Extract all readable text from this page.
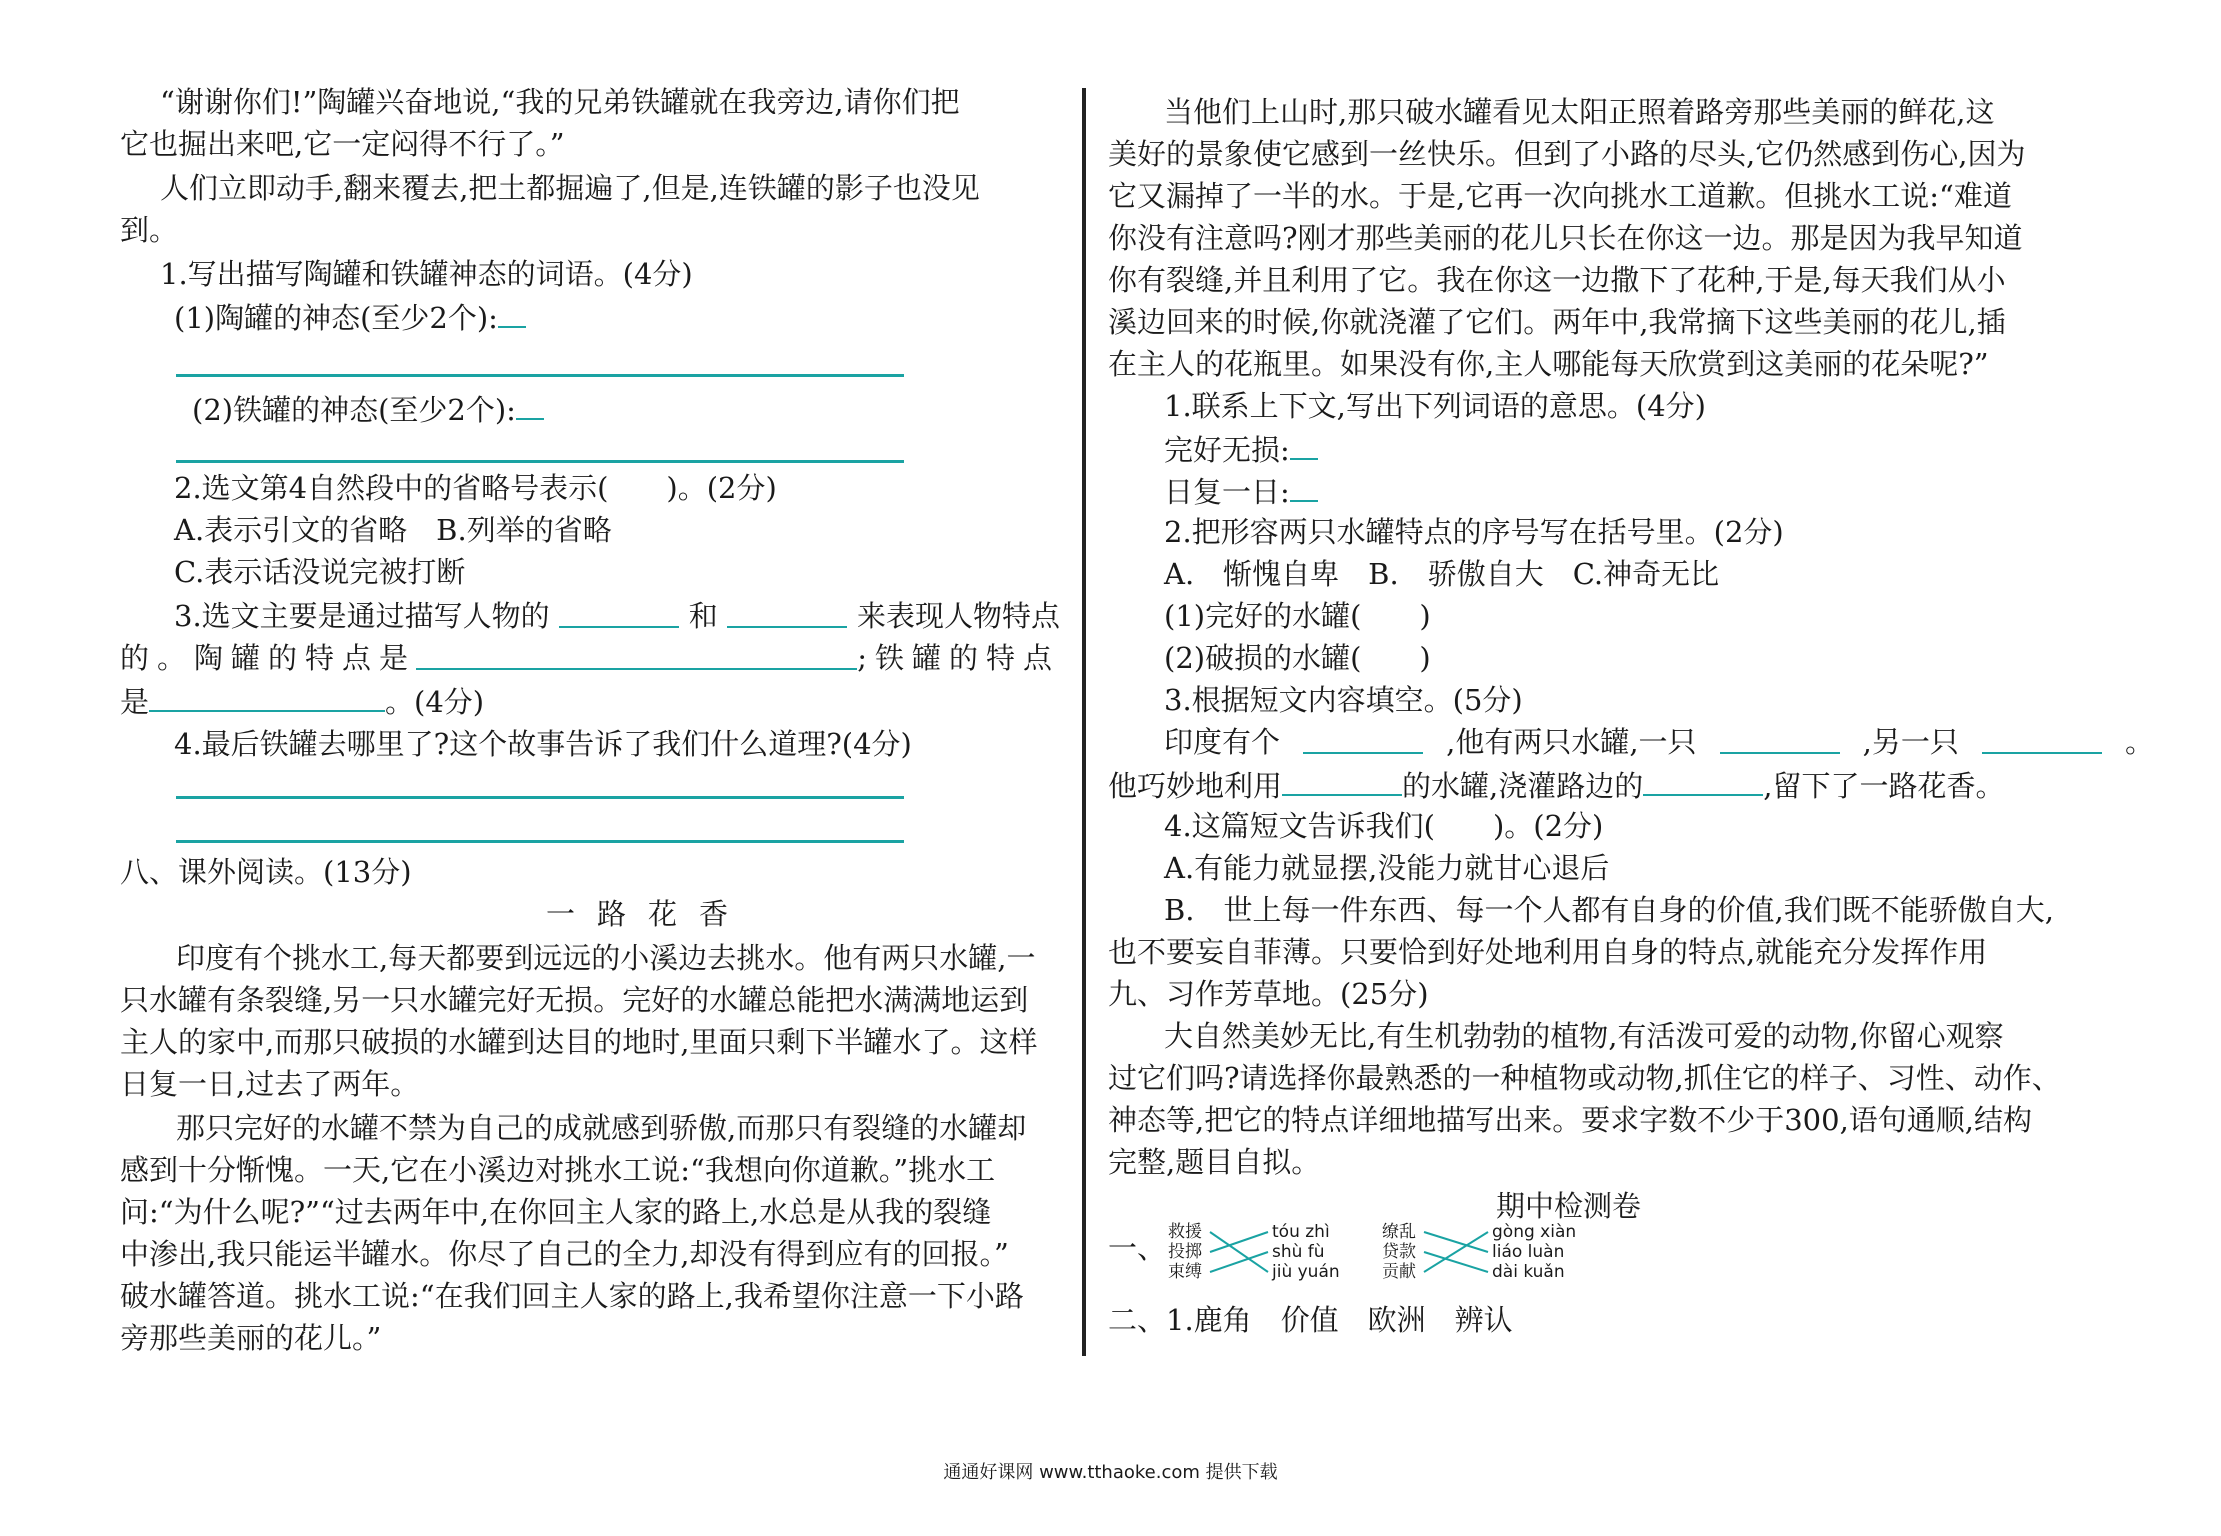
“谢谢你们!”陶罐兴奋地说,“我的兄弟铁罐就在我旁边,请你们把
它也掘出来吧,它一定闷得不行了。”
人们立即动手,翻来覆去,把土都掘遍了,但是,连铁罐的影子也没见
到。
1.写出描写陶罐和铁罐神态的词语。(4分)
(1)陶罐的神态(至少2个):
(2)铁罐的神态(至少2个):
2.选文第4自然段中的省略号表示(　　)。(2分)
A.表示引文的省略　B.列举的省略
C.表示话没说完被打断
3.选文主要是通过描写人物的	和	来表现人物特点
的。陶罐的特点是	;铁罐的特点
是	。(4分)
4.最后铁罐去哪里了?这个故事告诉了我们什么道理?(4分)
八、课外阅读。(13分)
一路花香
印度有个挑水工,每天都要到远远的小溪边去挑水。他有两只水罐,一
只水罐有条裂缝,另一只水罐完好无损。完好的水罐总能把水满满地运到
主人的家中,而那只破损的水罐到达目的地时,里面只剩下半罐水了。这样
日复一日,过去了两年。
那只完好的水罐不禁为自己的成就感到骄傲,而那只有裂缝的水罐却
感到十分惭愧。一天,它在小溪边对挑水工说:“我想向你道歉。”挑水工
问:“为什么呢?”“过去两年中,在你回主人家的路上,水总是从我的裂缝
中渗出,我只能运半罐水。你尽了自己的全力,却没有得到应有的回报。”
破水罐答道。挑水工说:“在我们回主人家的路上,我希望你注意一下小路
旁那些美丽的花儿。”
当他们上山时,那只破水罐看见太阳正照着路旁那些美丽的鲜花,这
美好的景象使它感到一丝快乐。但到了小路的尽头,它仍然感到伤心,因为
它又漏掉了一半的水。于是,它再一次向挑水工道歉。但挑水工说:“难道
你没有注意吗?刚才那些美丽的花儿只长在你这一边。那是因为我早知道
你有裂缝,并且利用了它。我在你这一边撒下了花种,于是,每天我们从小
溪边回来的时候,你就浇灌了它们。两年中,我常摘下这些美丽的花儿,插
在主人的花瓶里。如果没有你,主人哪能每天欣赏到这美丽的花朵呢?”
1.联系上下文,写出下列词语的意思。(4分)
完好无损:
日复一日:
2.把形容两只水罐特点的序号写在括号里。(2分)
A.　惭愧自卑　B.　骄傲自大　C.神奇无比
(1)完好的水罐(　　)
(2)破损的水罐(　　)
3.根据短文内容填空。(5分)
印度有个	,他有两只水罐,一只	,另一只	。
他巧妙地利用	的水罐,浇灌路边的	,留下了一路花香。
4.这篇短文告诉我们(　　)。(2分)
A.有能力就显摆,没能力就甘心退后
B.　世上每一件东西、每一个人都有自身的价值,我们既不能骄傲自大,
也不要妄自菲薄。只要恰到好处地利用自身的特点,就能充分发挥作用
九、习作芳草地。(25分)
大自然美妙无比,有生机勃勃的植物,有活泼可爱的动物,你留心观察
过它们吗?请选择你最熟悉的一种植物或动物,抓住它的样子、习性、动作、
神态等,把它的特点详细地描写出来。要求字数不少于300,语句通顺,结构
完整,题目自拟。
期中检测卷
一、 救援
投掷
束缚
tóu zhì
shù fù
jiù yuán
缭乱
贷款
贡献
gòng xiàn
liáo luàn
dài kuǎn
二、1.鹿角　价值　欧洲　辨认
通通好课网 www.tthaoke.com 提供下载
